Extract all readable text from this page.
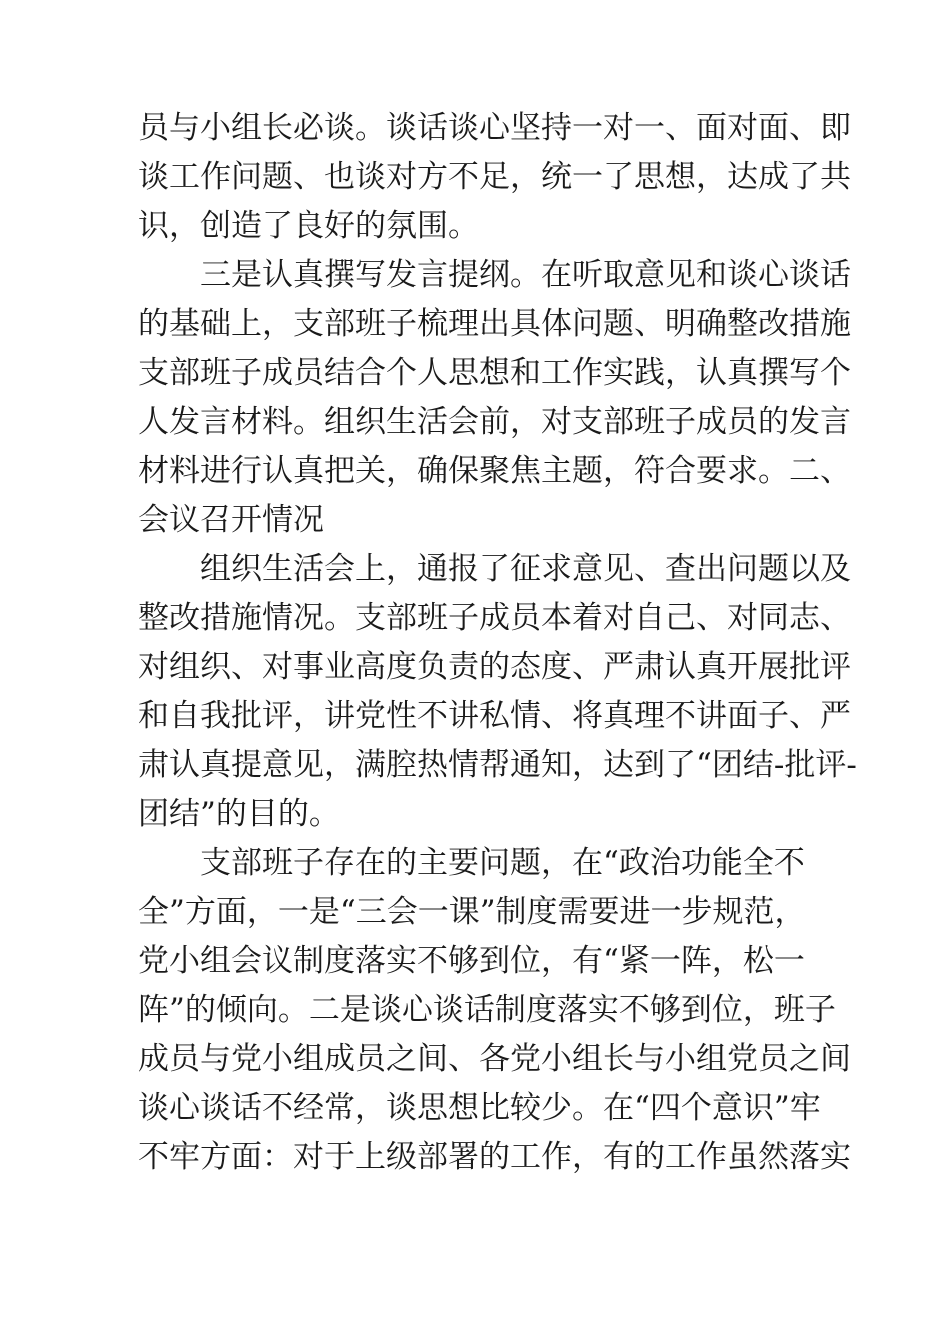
员与小组长必谈。谈话谈心坚持一对一、面对面、即
谈工作问题、也谈对方不足，统一了思想，达成了共
识，创造了良好的氛围。
三是认真撰写发言提纲。在听取意见和谈心谈话
的基础上，支部班子梳理出具体问题、明确整改措施
支部班子成员结合个人思想和工作实践，认真撰写个
人发言材料。组织生活会前，对支部班子成员的发言
材料进行认真把关，确保聚焦主题，符合要求。二、
会议召开情况
组织生活会上，通报了征求意见、查出问题以及
整改措施情况。支部班子成员本着对自己、对同志、
对组织、对事业高度负责的态度、严肃认真开展批评
和自我批评，讲党性不讲私情、将真理不讲面子、严
肃认真提意见，满腔热情帮通知，达到了“团结-批评-
团结”的目的。
支部班子存在的主要问题，在“政治功能全不
全”方面，一是“三会一课”制度需要进一步规范，
党小组会议制度落实不够到位，有“紧一阵，松一
阵”的倾向。二是谈心谈话制度落实不够到位，班子
成员与党小组成员之间、各党小组长与小组党员之间
谈心谈话不经常，谈思想比较少。在“四个意识”牢
不牢方面：对于上级部署的工作，有的工作虽然落实
